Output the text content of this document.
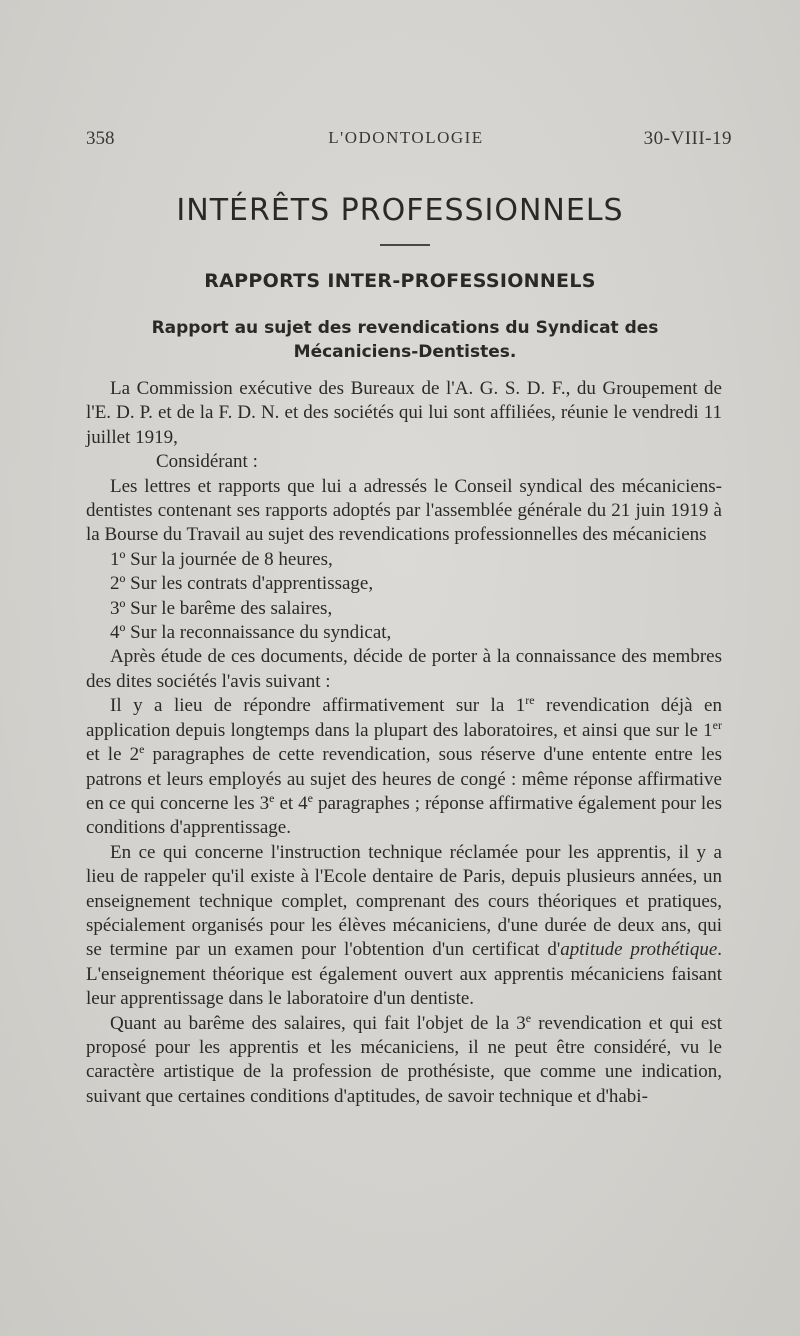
358	L'ODONTOLOGIE	30-VIII-19
INTÉRÊTS PROFESSIONNELS
RAPPORTS INTER-PROFESSIONNELS
Rapport au sujet des revendications du Syndicat des
Mécaniciens-Dentistes.

La Commission exécutive des Bureaux de l'A. G. S. D. F., du Groupement de l'E. D. P. et de la F. D. N. et des sociétés qui lui sont affiliées, réunie le vendredi 11 juillet 1919,

Considérant :

Les lettres et rapports que lui a adressés le Conseil syndical des mécaniciens-dentistes contenant ses rapports adoptés par l'assemblée générale du 21 juin 1919 à la Bourse du Travail au sujet des revendications professionnelles des mécaniciens

1º Sur la journée de 8 heures,

2º Sur les contrats d'apprentissage,

3º Sur le barême des salaires,

4º Sur la reconnaissance du syndicat,

Après étude de ces documents, décide de porter à la connaissance des membres des dites sociétés l'avis suivant :

Il y a lieu de répondre affirmativement sur la 1re revendication déjà en application depuis longtemps dans la plupart des laboratoires, et ainsi que sur le 1er et le 2e paragraphes de cette revendication, sous réserve d'une entente entre les patrons et leurs employés au sujet des heures de congé : même réponse affirmative en ce qui concerne les 3e et 4e paragraphes ; réponse affirmative également pour les conditions d'apprentissage.

En ce qui concerne l'instruction technique réclamée pour les apprentis, il y a lieu de rappeler qu'il existe à l'Ecole dentaire de Paris, depuis plusieurs années, un enseignement technique complet, comprenant des cours théoriques et pratiques, spécialement organisés pour les élèves mécaniciens, d'une durée de deux ans, qui se termine par un examen pour l'obtention d'un certificat d'aptitude prothétique. L'enseignement théorique est également ouvert aux apprentis mécaniciens faisant leur apprentissage dans le laboratoire d'un dentiste.

Quant au barême des salaires, qui fait l'objet de la 3e revendication et qui est proposé pour les apprentis et les mécaniciens, il ne peut être considéré, vu le caractère artistique de la profession de prothésiste, que comme une indication, suivant que certaines conditions d'aptitudes, de savoir technique et d'habi-
